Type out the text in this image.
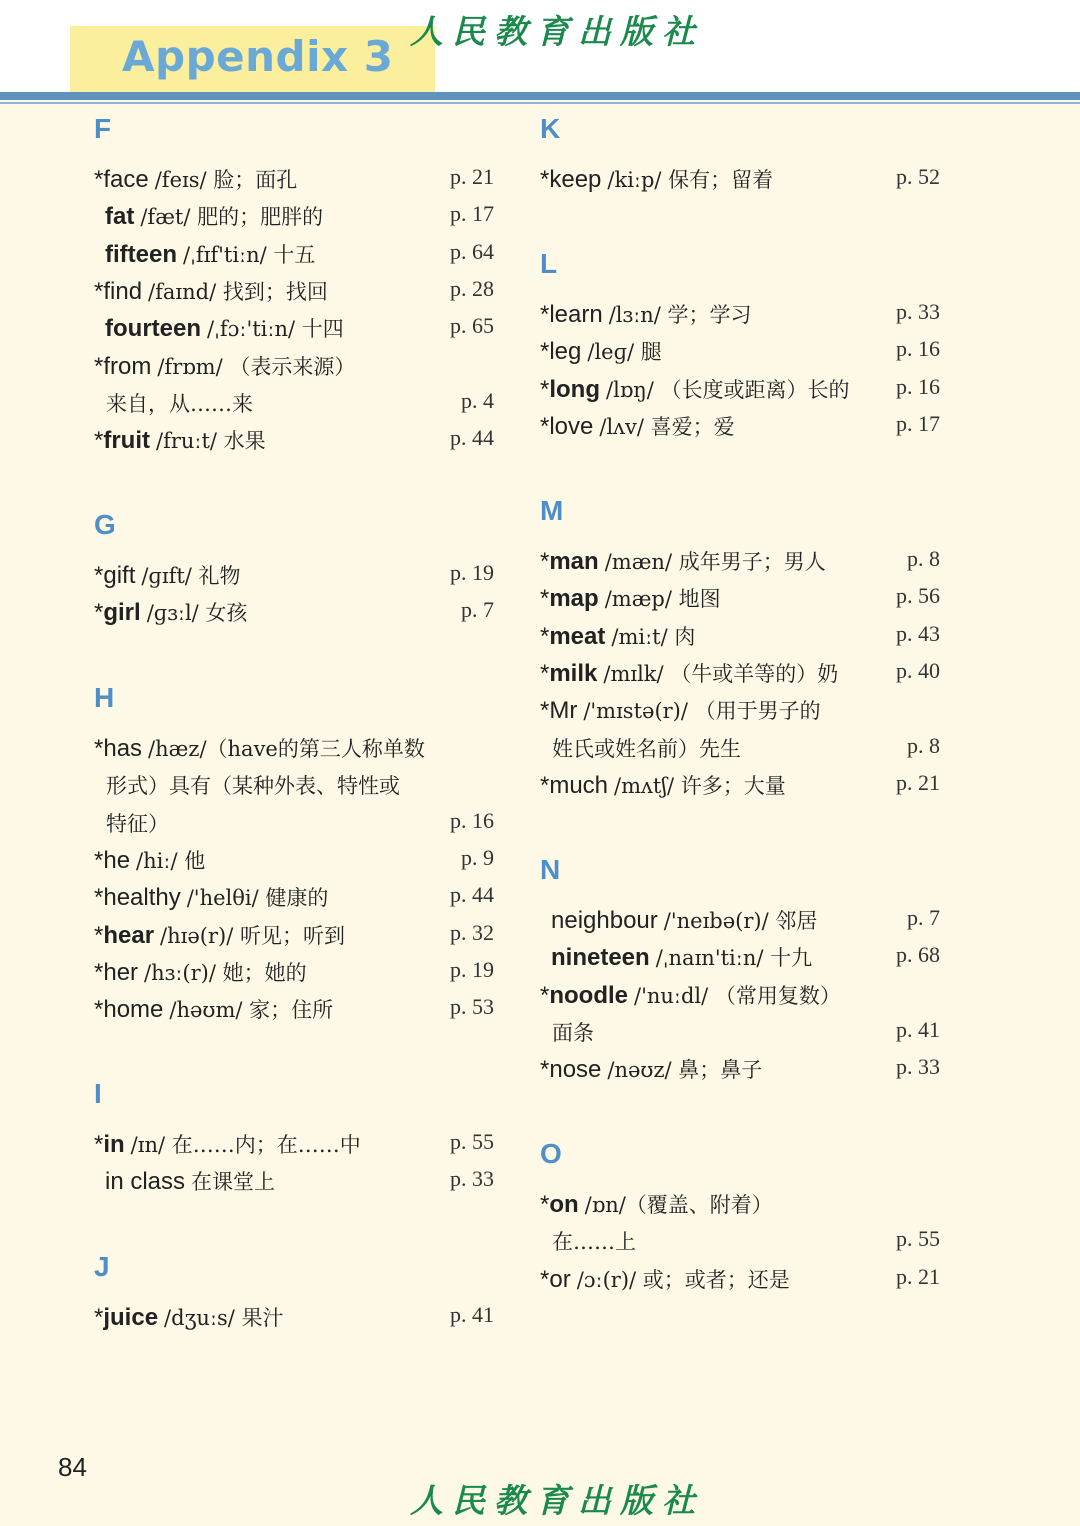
Appendix 3
人民教育出版社
人民教育出版社
F
*face /feɪs/ 脸；面孔	p. 21
fat /fæt/ 肥的；肥胖的	p. 17
fifteen /ˌfɪf'tiːn/ 十五	p. 64
*find /faɪnd/ 找到；找回	p. 28
fourteen /ˌfɔː'tiːn/ 十四	p. 65
*from /frɒm/ （表示来源）
来自，从……来	p. 4
*fruit /fruːt/ 水果	p. 44
G
*gift /ɡɪft/ 礼物	p. 19
*girl /ɡɜːl/ 女孩	p. 7
H
*has /hæz/（have的第三人称单数
形式）具有（某种外表、特性或
特征）	p. 16
*he /hiː/ 他	p. 9
*healthy /'helθi/ 健康的	p. 44
*hear /hɪə(r)/ 听见；听到	p. 32
*her /hɜː(r)/ 她；她的	p. 19
*home /həʊm/ 家；住所	p. 53
I
*in /ɪn/ 在……内；在……中	p. 55
in class 在课堂上	p. 33
J
*juice /dʒuːs/ 果汁	p. 41
K
*keep /kiːp/ 保有；留着	p. 52
L
*learn /lɜːn/ 学；学习	p. 33
*leg /leɡ/ 腿	p. 16
*long /lɒŋ/ （长度或距离）长的 p. 16
*love /lʌv/ 喜爱；爱	p. 17
M
*man /mæn/ 成年男子；男人	p. 8
*map /mæp/ 地图	p. 56
*meat /miːt/ 肉	p. 43
*milk /mɪlk/ （牛或羊等的）奶	p. 40
*Mr /'mɪstə(r)/ （用于男子的
姓氏或姓名前）先生	p. 8
*much /mʌtʃ/ 许多；大量	p. 21
N
neighbour /'neɪbə(r)/ 邻居	p. 7
nineteen /ˌnaɪn'tiːn/ 十九	p. 68
*noodle /'nuːdl/ （常用复数）
面条	p. 41
*nose /nəʊz/ 鼻；鼻子	p. 33
O
*on /ɒn/（覆盖、附着）
在……上	p. 55
*or /ɔː(r)/ 或；或者；还是	p. 21
84
